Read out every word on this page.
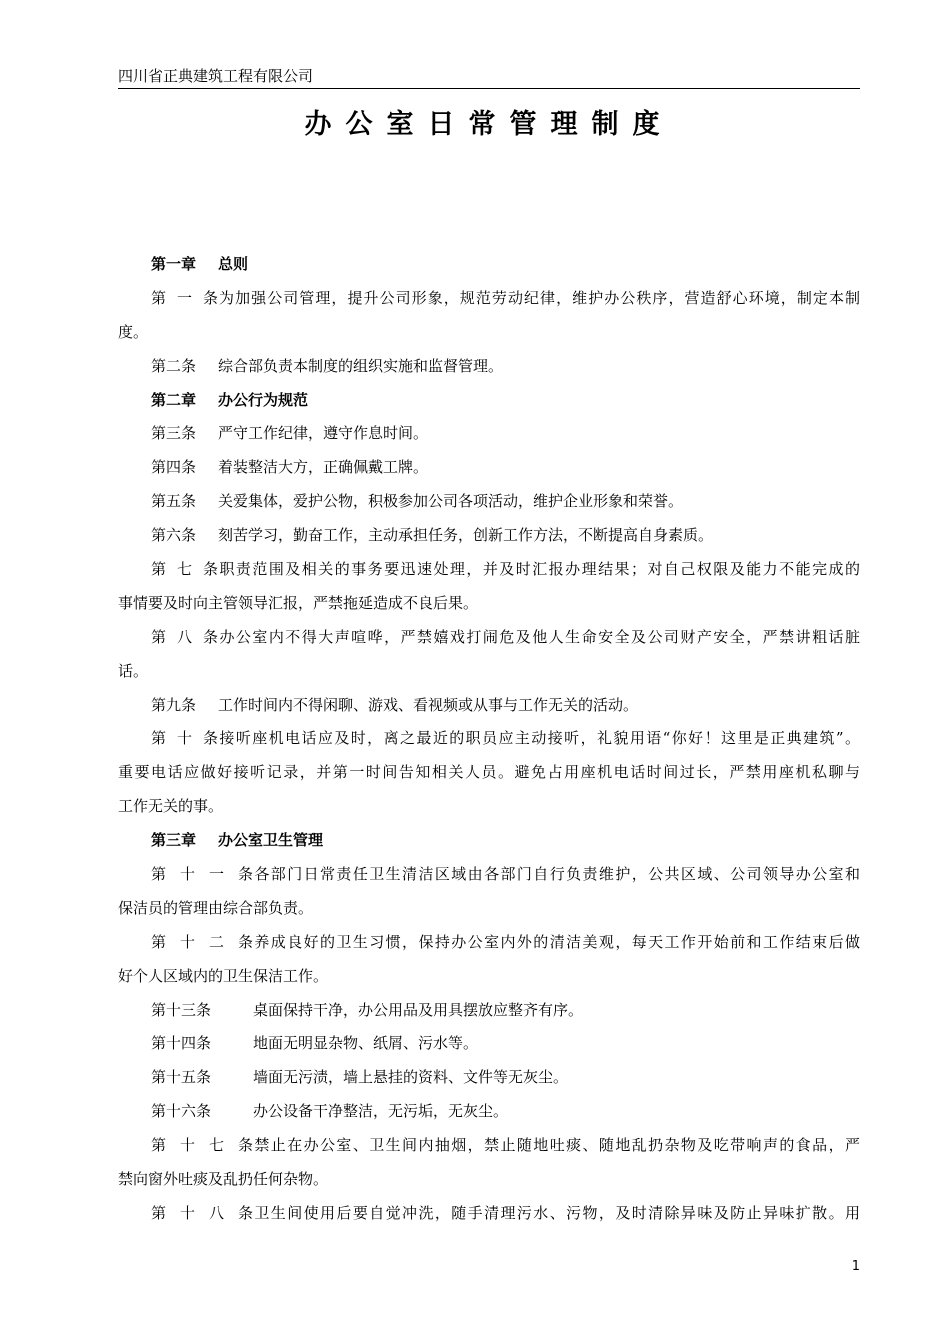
四川省正典建筑工程有限公司
办公室日常管理制度
第一章 总则
第一条为加强公司管理，提升公司形象，规范劳动纪律，维护办公秩序，营造舒心环境，制定本制
度。
第二条 综合部负责本制度的组织实施和监督管理。
第二章 办公行为规范
第三条 严守工作纪律，遵守作息时间。
第四条 着装整洁大方，正确佩戴工牌。
第五条 关爱集体，爱护公物，积极参加公司各项活动，维护企业形象和荣誉。
第六条 刻苦学习，勤奋工作，主动承担任务，创新工作方法，不断提高自身素质。
第七条职责范围及相关的事务要迅速处理，并及时汇报办理结果；对自己权限及能力不能完成的
事情要及时向主管领导汇报，严禁拖延造成不良后果。
第八条办公室内不得大声喧哗，严禁嬉戏打闹危及他人生命安全及公司财产安全，严禁讲粗话脏
话。
第九条 工作时间内不得闲聊、游戏、看视频或从事与工作无关的活动。
第十条接听座机电话应及时，离之最近的职员应主动接听，礼貌用语“你好！这里是正典建筑”。
重要电话应做好接听记录，并第一时间告知相关人员。避免占用座机电话时间过长，严禁用座机私聊与
工作无关的事。
第三章 办公室卫生管理
第十一条各部门日常责任卫生清洁区域由各部门自行负责维护，公共区域、公司领导办公室和
保洁员的管理由综合部负责。
第十二条养成良好的卫生习惯，保持办公室内外的清洁美观，每天工作开始前和工作结束后做
好个人区域内的卫生保洁工作。
第十三条	桌面保持干净，办公用品及用具摆放应整齐有序。
第十四条	地面无明显杂物、纸屑、污水等。
第十五条	墙面无污渍，墙上悬挂的资料、文件等无灰尘。
第十六条	办公设备干净整洁，无污垢，无灰尘。
第十七条禁止在办公室、卫生间内抽烟，禁止随地吐痰、随地乱扔杂物及吃带响声的食品，严
禁向窗外吐痰及乱扔任何杂物。
第十八条卫生间使用后要自觉冲洗，随手清理污水、污物，及时清除异味及防止异味扩散。用
1
